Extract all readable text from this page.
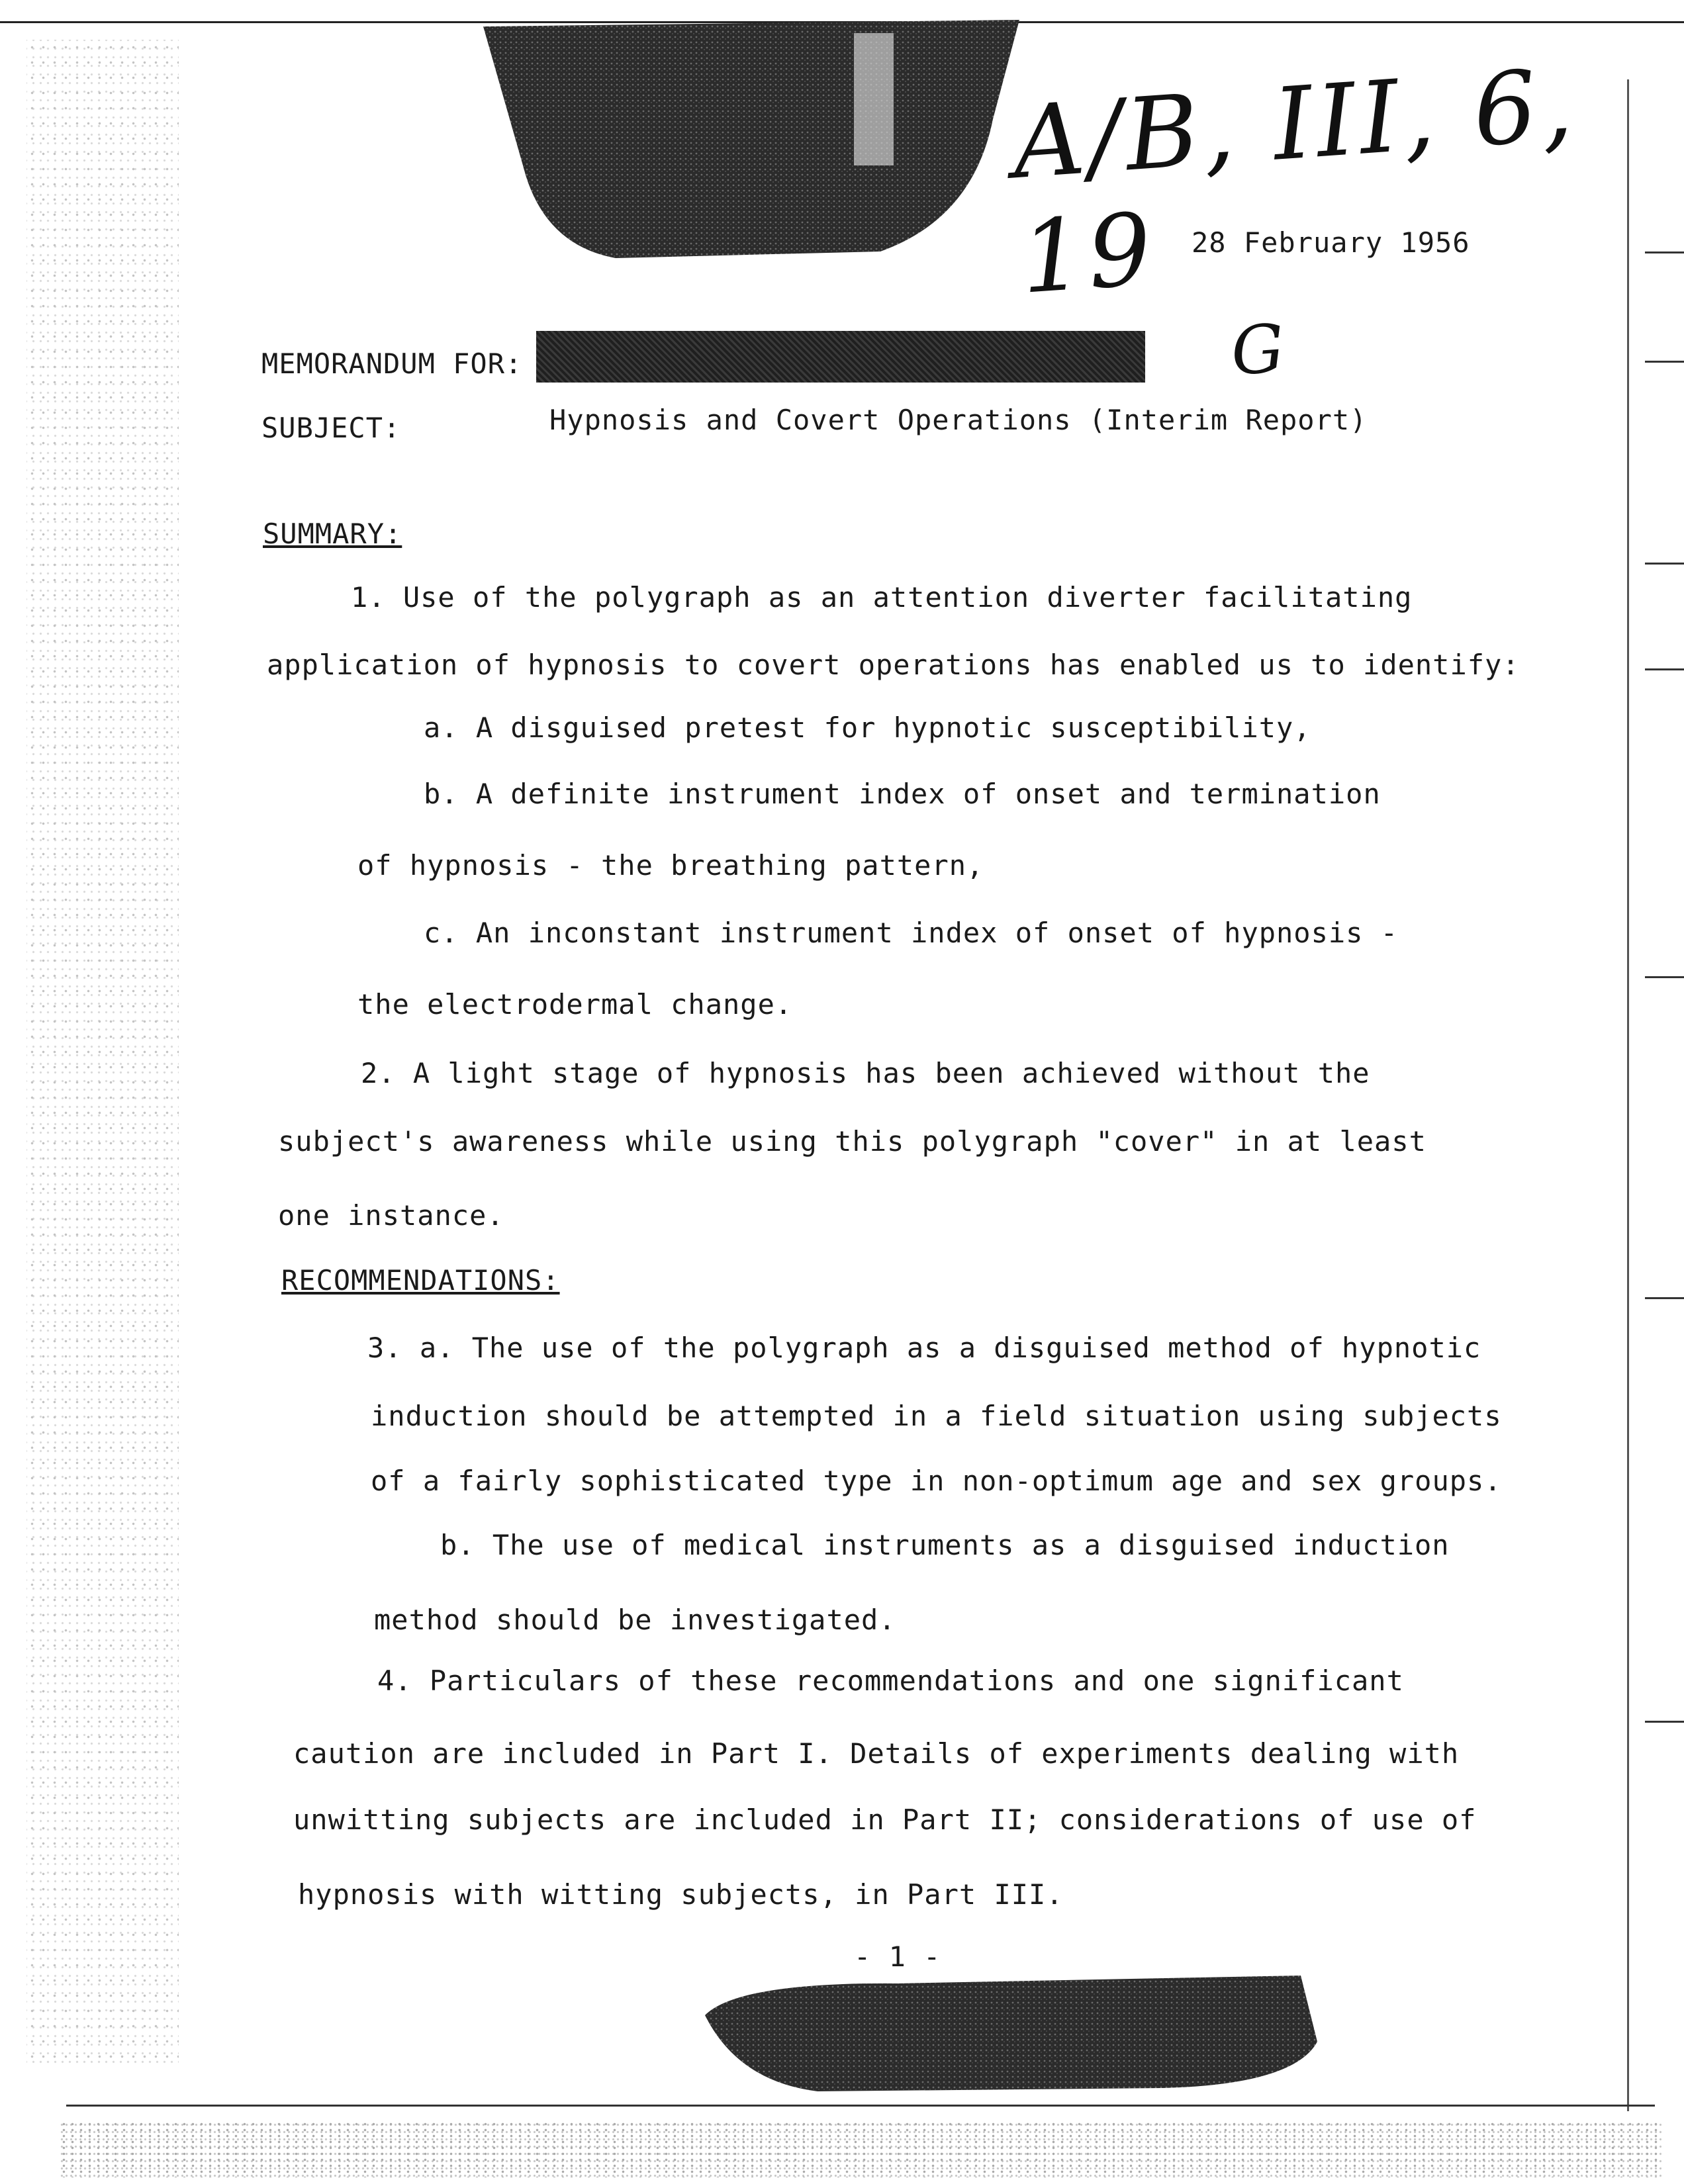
A/B, III, 6, 19	28 February 1956
MEMORANDUM FOR:	G
SUBJECT:	Hypnosis and Covert Operations (Interim Report)
SUMMARY:
1. Use of the polygraph as an attention diverter facilitating
application of hypnosis to covert operations has enabled us to identify:
a. A disguised pretest for hypnotic susceptibility,
b. A definite instrument index of onset and termination
of hypnosis - the breathing pattern,
c. An inconstant instrument index of onset of hypnosis -
the electrodermal change.
2. A light stage of hypnosis has been achieved without the
subject's awareness while using this polygraph "cover" in at least
one instance.
RECOMMENDATIONS:
3. a. The use of the polygraph as a disguised method of hypnotic
induction should be attempted in a field situation using subjects
of a fairly sophisticated type in non-optimum age and sex groups.
b. The use of medical instruments as a disguised induction
method should be investigated.
4. Particulars of these recommendations and one significant
caution are included in Part I. Details of experiments dealing with
unwitting subjects are included in Part II; considerations of use of
hypnosis with witting subjects, in Part III.
- 1 -
